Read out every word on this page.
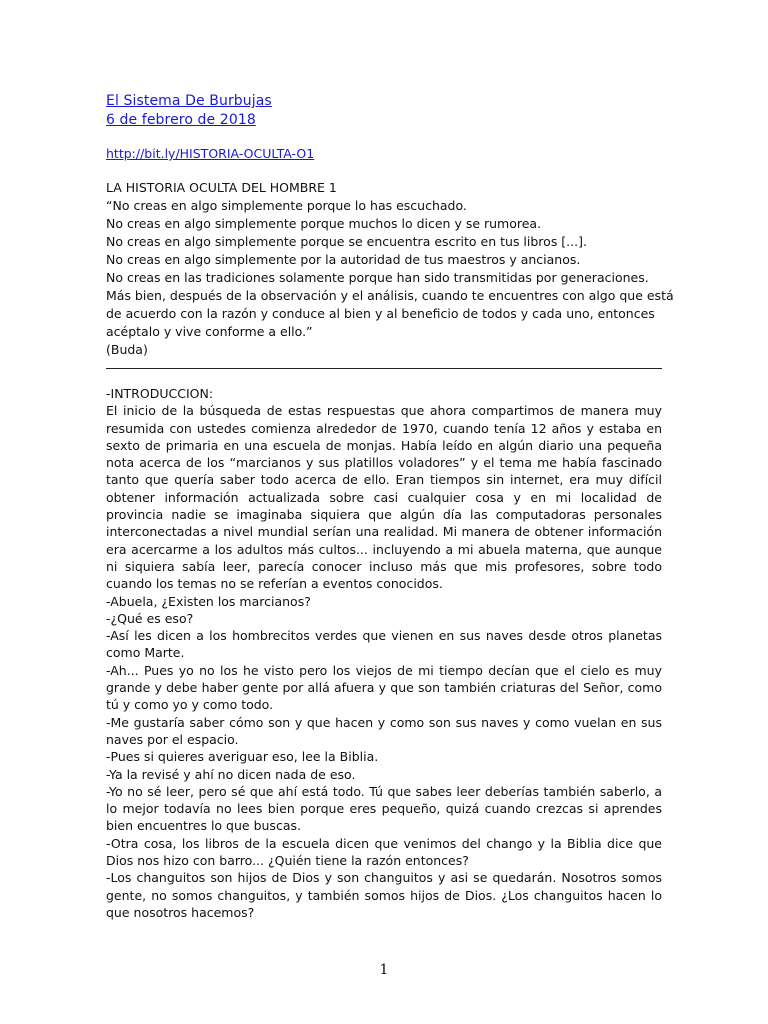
El Sistema De Burbujas
6 de febrero de 2018
http://bit.ly/HISTORIA-OCULTA-O1
LA HISTORIA OCULTA DEL HOMBRE 1
“No creas en algo simplemente porque lo has escuchado.
No creas en algo simplemente porque muchos lo dicen y se rumorea.
No creas en algo simplemente porque se encuentra escrito en tus libros [...].
No creas en algo simplemente por la autoridad de tus maestros y ancianos.
No creas en las tradiciones solamente porque han sido transmitidas por generaciones.
Más bien, después de la observación y el análisis, cuando te encuentres con algo que está
de acuerdo con la razón y conduce al bien y al beneficio de todos y cada uno, entonces
acéptalo y vive conforme a ello.”
(Buda)
-INTRODUCCION:
El inicio de la búsqueda de estas respuestas que ahora compartimos de manera muy resumida con ustedes comienza alrededor de 1970, cuando tenía 12 años y estaba en sexto de primaria en una escuela de monjas. Había leído en algún diario una pequeña nota acerca de los “marcianos y sus platillos voladores” y el tema me había fascinado tanto que quería saber todo acerca de ello. Eran tiempos sin internet, era muy difícil obtener información actualizada sobre casi cualquier cosa y en mi localidad de provincia nadie se imaginaba siquiera que algún día las computadoras personales interconectadas a nivel mundial serían una realidad. Mi manera de obtener información era acercarme a los adultos más cultos... incluyendo a mi abuela materna, que aunque ni siquiera sabía leer, parecía conocer incluso más que mis profesores, sobre todo cuando los temas no se referían a eventos conocidos.
-Abuela, ¿Existen los marcianos?
-¿Qué es eso?
-Así les dicen a los hombrecitos verdes que vienen en sus naves desde otros planetas como Marte.
-Ah... Pues yo no los he visto pero los viejos de mi tiempo decían que el cielo es muy grande y debe haber gente por allá afuera y que son también criaturas del Señor, como tú y como yo y como todo.
-Me gustaría saber cómo son y que hacen y como son sus naves y como vuelan en sus naves por el espacio.
-Pues si quieres averiguar eso, lee la Biblia.
-Ya la revisé y ahí no dicen nada de eso.
-Yo no sé leer, pero sé que ahí está todo. Tú que sabes leer deberías también saberlo, a lo mejor todavía no lees bien porque eres pequeño, quizá cuando crezcas si aprendes bien encuentres lo que buscas.
-Otra cosa, los libros de la escuela dicen que venimos del chango y la Biblia dice que Dios nos hizo con barro... ¿Quién tiene la razón entonces?
-Los changuitos son hijos de Dios y son changuitos y asi se quedarán. Nosotros somos gente, no somos changuitos, y también somos hijos de Dios. ¿Los changuitos hacen lo que nosotros hacemos?
1
